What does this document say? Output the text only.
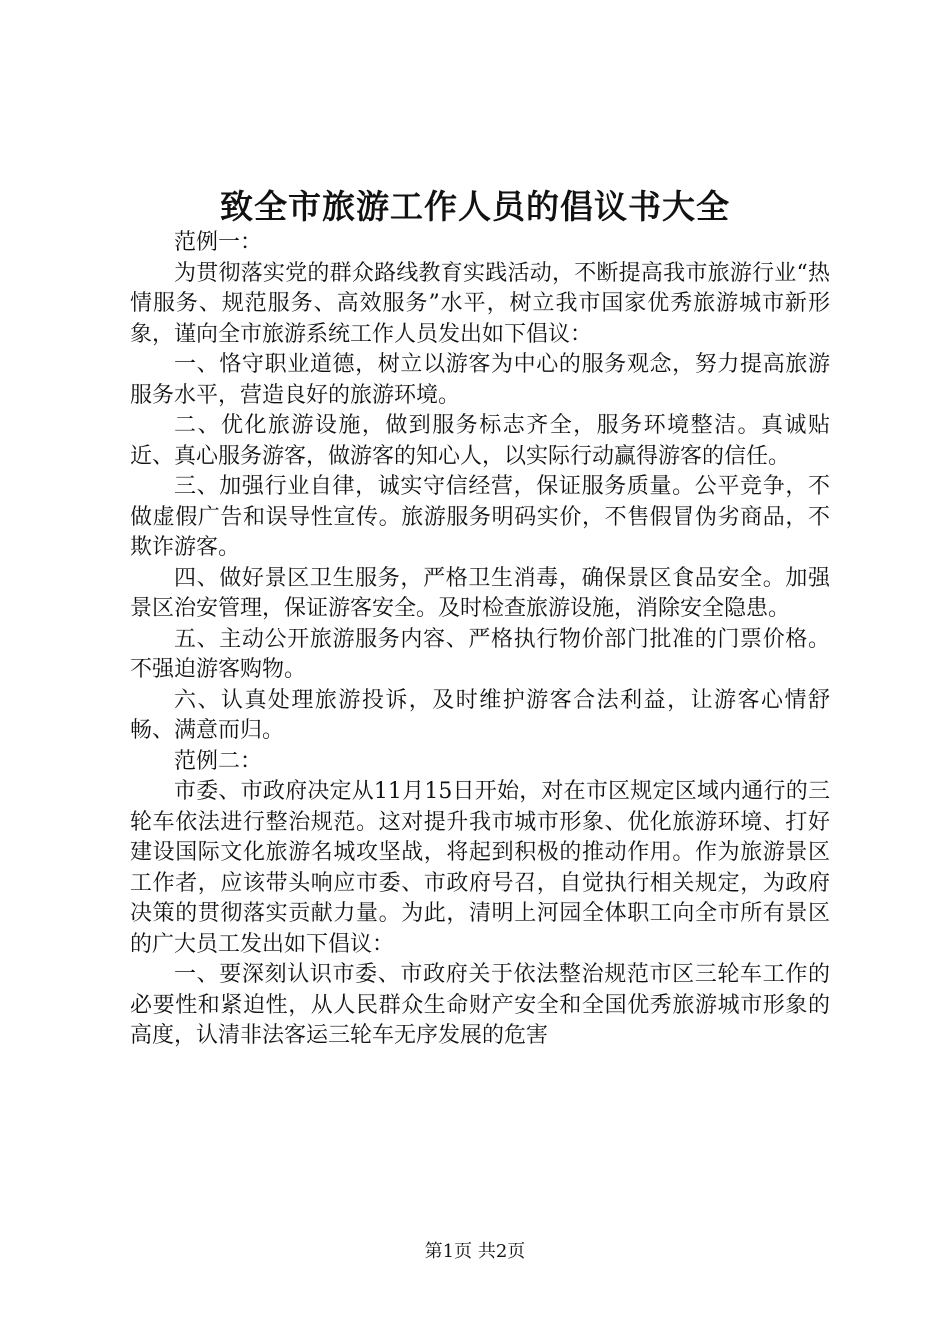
致全市旅游工作人员的倡议书大全

范例一：

为贯彻落实党的群众路线教育实践活动，不断提高我市旅游行业“热情服务、规范服务、高效服务”水平，树立我市国家优秀旅游城市新形象，谨向全市旅游系统工作人员发出如下倡议：

一、恪守职业道德，树立以游客为中心的服务观念，努力提高旅游服务水平，营造良好的旅游环境。

二、优化旅游设施，做到服务标志齐全，服务环境整洁。真诚贴近、真心服务游客，做游客的知心人，以实际行动赢得游客的信任。

三、加强行业自律，诚实守信经营，保证服务质量。公平竞争，不做虚假广告和误导性宣传。旅游服务明码实价，不售假冒伪劣商品，不欺诈游客。

四、做好景区卫生服务，严格卫生消毒，确保景区食品安全。加强景区治安管理，保证游客安全。及时检查旅游设施，消除安全隐患。

五、主动公开旅游服务内容、严格执行物价部门批准的门票价格。不强迫游客购物。

六、认真处理旅游投诉，及时维护游客合法利益，让游客心情舒畅、满意而归。

范例二：

市委、市政府决定从11月15日开始，对在市区规定区域内通行的三轮车依法进行整治规范。这对提升我市城市形象、优化旅游环境、打好建设国际文化旅游名城攻坚战，将起到积极的推动作用。作为旅游景区工作者，应该带头响应市委、市政府号召，自觉执行相关规定，为政府决策的贯彻落实贡献力量。为此，清明上河园全体职工向全市所有景区的广大员工发出如下倡议：

一、要深刻认识市委、市政府关于依法整治规范市区三轮车工作的必要性和紧迫性，从人民群众生命财产安全和全国优秀旅游城市形象的高度，认清非法客运三轮车无序发展的危害

第1页 共2页
